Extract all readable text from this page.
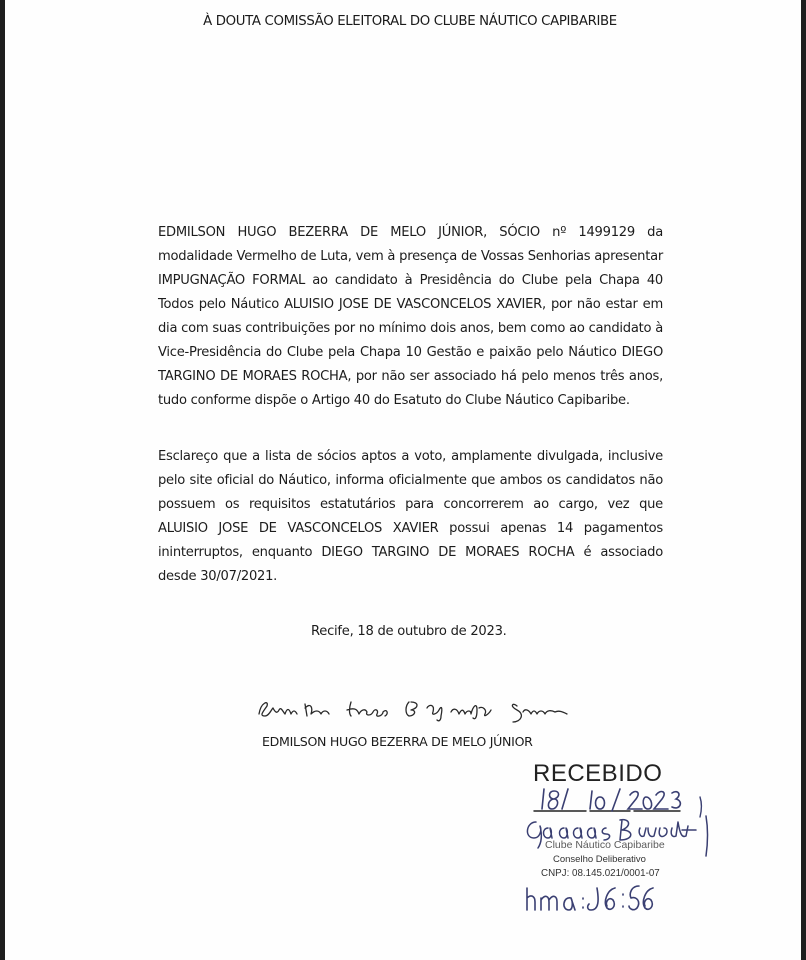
À DOUTA COMISSÃO ELEITORAL DO CLUBE NÁUTICO CAPIBARIBE
EDMILSON HUGO BEZERRA DE MELO JÚNIOR, SÓCIO nº 1499129 da
modalidade Vermelho de Luta, vem à presença de Vossas Senhorias apresentar
IMPUGNAÇÃO FORMAL ao candidato à Presidência do Clube pela Chapa 40
Todos pelo Náutico ALUISIO JOSE DE VASCONCELOS XAVIER, por não estar em
dia com suas contribuições por no mínimo dois anos, bem como ao candidato à
Vice-Presidência do Clube pela Chapa 10 Gestão e paixão pelo Náutico DIEGO
TARGINO DE MORAES ROCHA, por não ser associado há pelo menos três anos,
tudo conforme dispõe o Artigo 40 do Esatuto do Clube Náutico Capibaribe.
Esclareço que a lista de sócios aptos a voto, amplamente divulgada, inclusive
pelo site oficial do Náutico, informa oficialmente que ambos os candidatos não
possuem os requisitos estatutários para concorrerem ao cargo, vez que
ALUISIO JOSE DE VASCONCELOS XAVIER possui apenas 14 pagamentos
ininterruptos, enquanto DIEGO TARGINO DE MORAES ROCHA é associado
desde 30/07/2021.
Recife, 18 de outubro de 2023.
EDMILSON HUGO BEZERRA DE MELO JÚNIOR
RECEBIDO
Clube Náutico Capibaribe
Conselho Deliberativo
CNPJ: 08.145.021/0001-07
